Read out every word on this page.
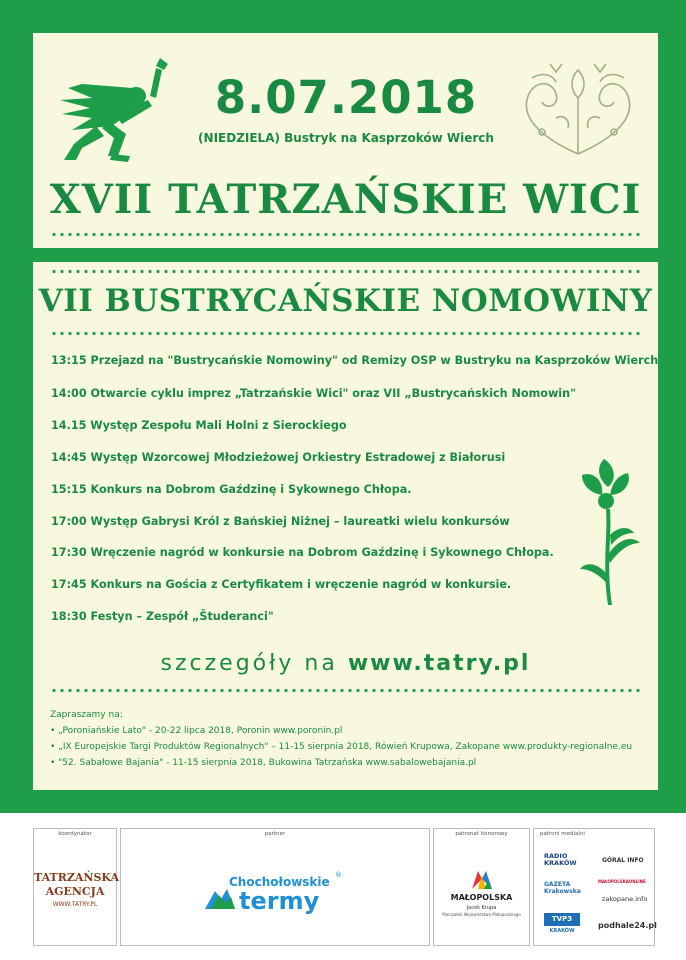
8.07.2018
(NIEDZIELA) Bustryk na Kasprzoków Wierch
XVII TATRZAŃSKIE WICI
VII BUSTRYCAŃSKIE NOMOWINY
13:15 Przejazd na "Bustrycańskie Nomowiny" od Remizy OSP w Bustryku na Kasprzoków Wierch
14:00 Otwarcie cyklu imprez „Tatrzańskie Wici" oraz VII „Bustrycańskich Nomowin"
14.15 Występ Zespołu Mali Holni z Sierockiego
14:45 Występ Wzorcowej Młodzieżowej Orkiestry Estradowej z Białorusi
15:15 Konkurs na Dobrom Gaździnę i Sykownego Chłopa.
17:00 Występ Gabrysi Król z Bańskiej Niżnej – laureatki wielu konkursów
17:30 Wręczenie nagród w konkursie na Dobrom Gaździnę i Sykownego Chłopa.
17:45 Konkurs na Gościa z Certyfikatem i wręczenie nagród w konkursie.
18:30 Festyn – Zespół „Študeranci"
szczegóły na www.tatry.pl
Zapraszamy na:
• „Poroniańskie Lato" - 20-22 lipca 2018, Poronin www.poronin.pl
• „IX Europejskie Targi Produktów Regionalnych" – 11-15 sierpnia 2018, Rówień Krupowa, Zakopane www.produkty-regionalne.eu
• "52. Sabałowe Bajania" - 11-15 sierpnia 2018, Bukowina Tatrzańska www.sabalowebajania.pl
koordynator
TATRZAŃSKA
AGENCJA
WWW.TATRY.PL
partner
Chochołowskie ®
termy
patronat honorowy
MAŁOPOLSKA
Jacek Krupa
Marszałek Województwa Małopolskiego
patroni medialni
RADIO
KRAKÓW	GÓRAL INFO
GAZETA
Krakowska
MAŁOPOLSKAONLINE
zakopane.info
TVP3
KRAKÓW
podhale24.pl
